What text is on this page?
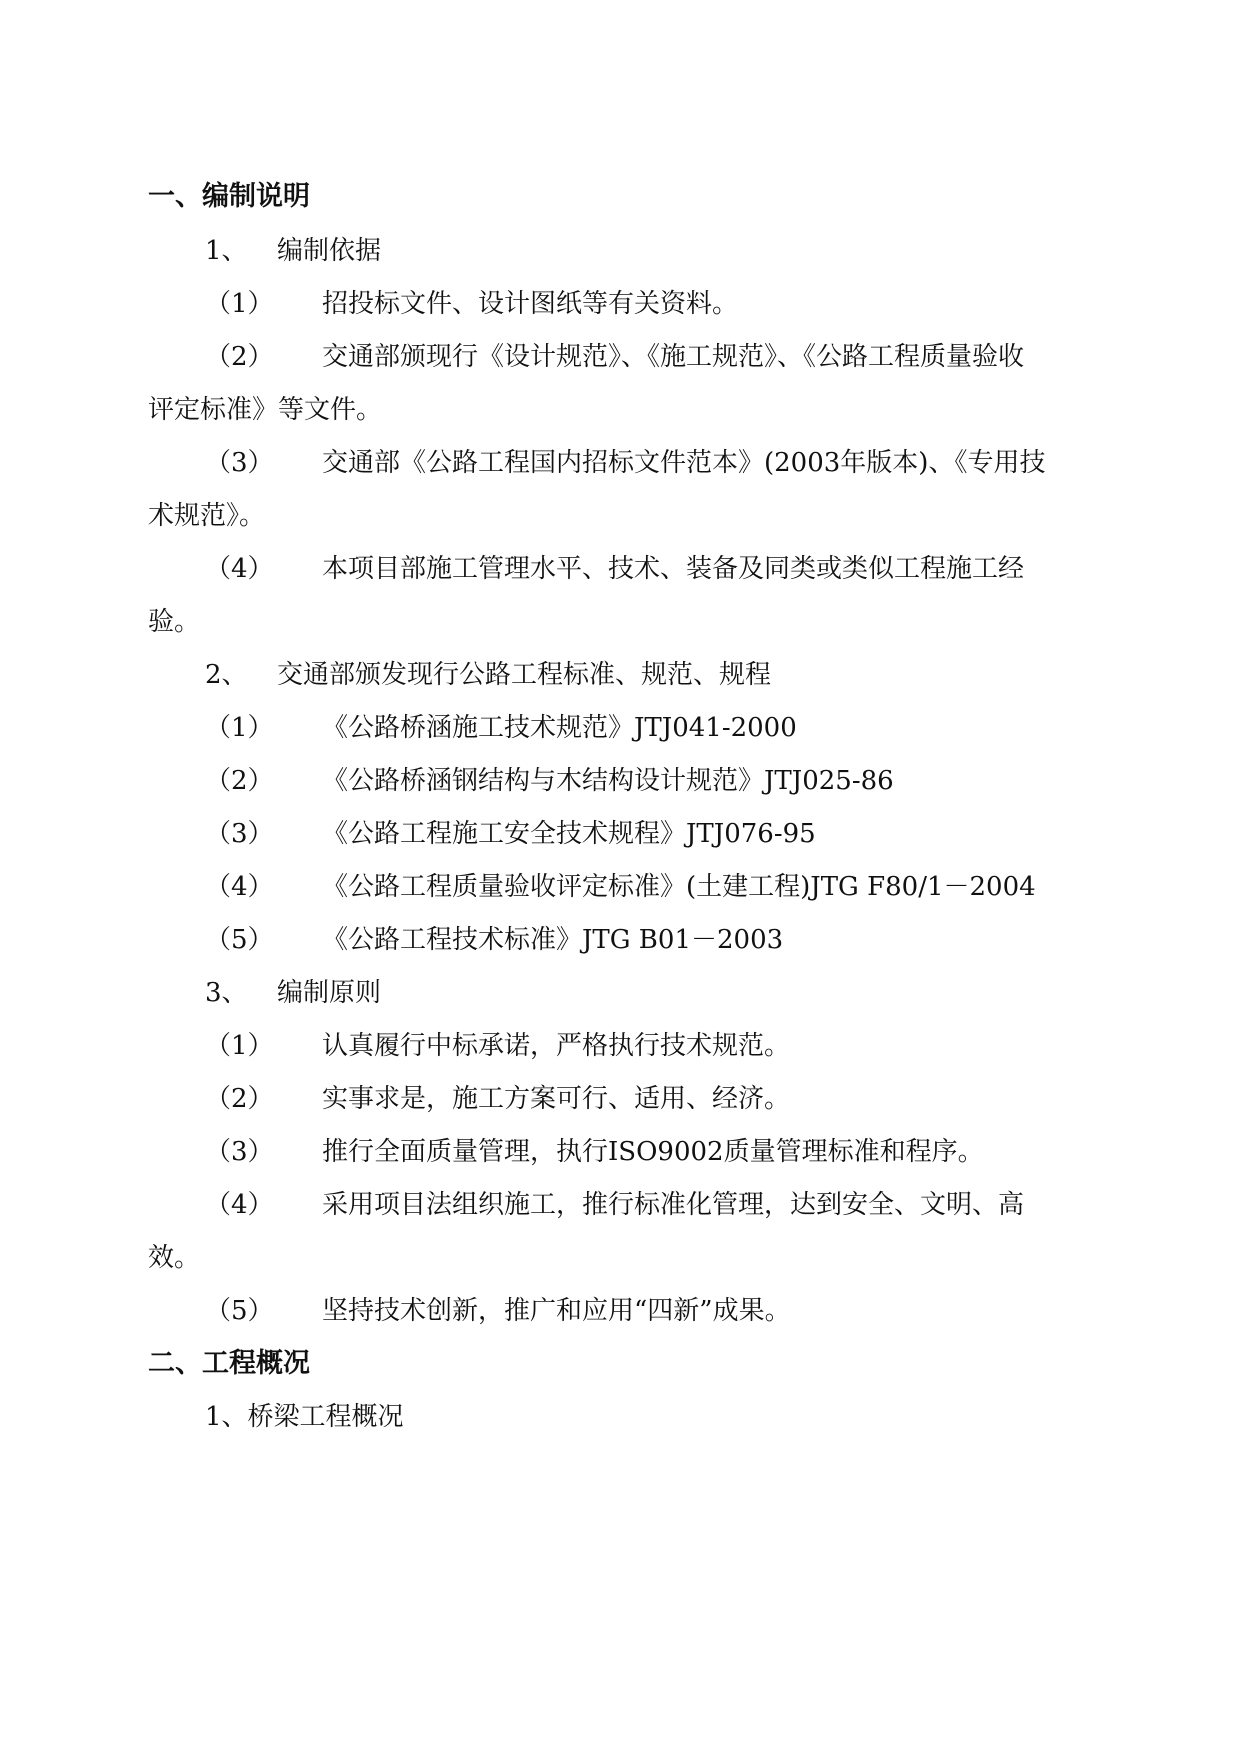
一、编制说明
1、 编制依据
（1） 招投标文件、设计图纸等有关资料。
（2） 交通部颁现行《设计规范》、《施工规范》、《公路工程质量验收
评定标准》等文件。
（3） 交通部《公路工程国内招标文件范本》(2003年版本)、《专用技
术规范》。
（4） 本项目部施工管理水平、技术、装备及同类或类似工程施工经
验。
2、 交通部颁发现行公路工程标准、规范、规程
（1） 《公路桥涵施工技术规范》JTJ041-2000
（2） 《公路桥涵钢结构与木结构设计规范》JTJ025-86
（3） 《公路工程施工安全技术规程》JTJ076-95
（4） 《公路工程质量验收评定标准》(土建工程)JTG F80/1－2004
（5） 《公路工程技术标准》JTG B01－2003
3、 编制原则
（1） 认真履行中标承诺，严格执行技术规范。
（2） 实事求是，施工方案可行、适用、经济。
（3） 推行全面质量管理，执行ISO9002质量管理标准和程序。
（4） 采用项目法组织施工，推行标准化管理，达到安全、文明、高
效。
（5） 坚持技术创新，推广和应用“四新”成果。
二、工程概况
1、桥梁工程概况
